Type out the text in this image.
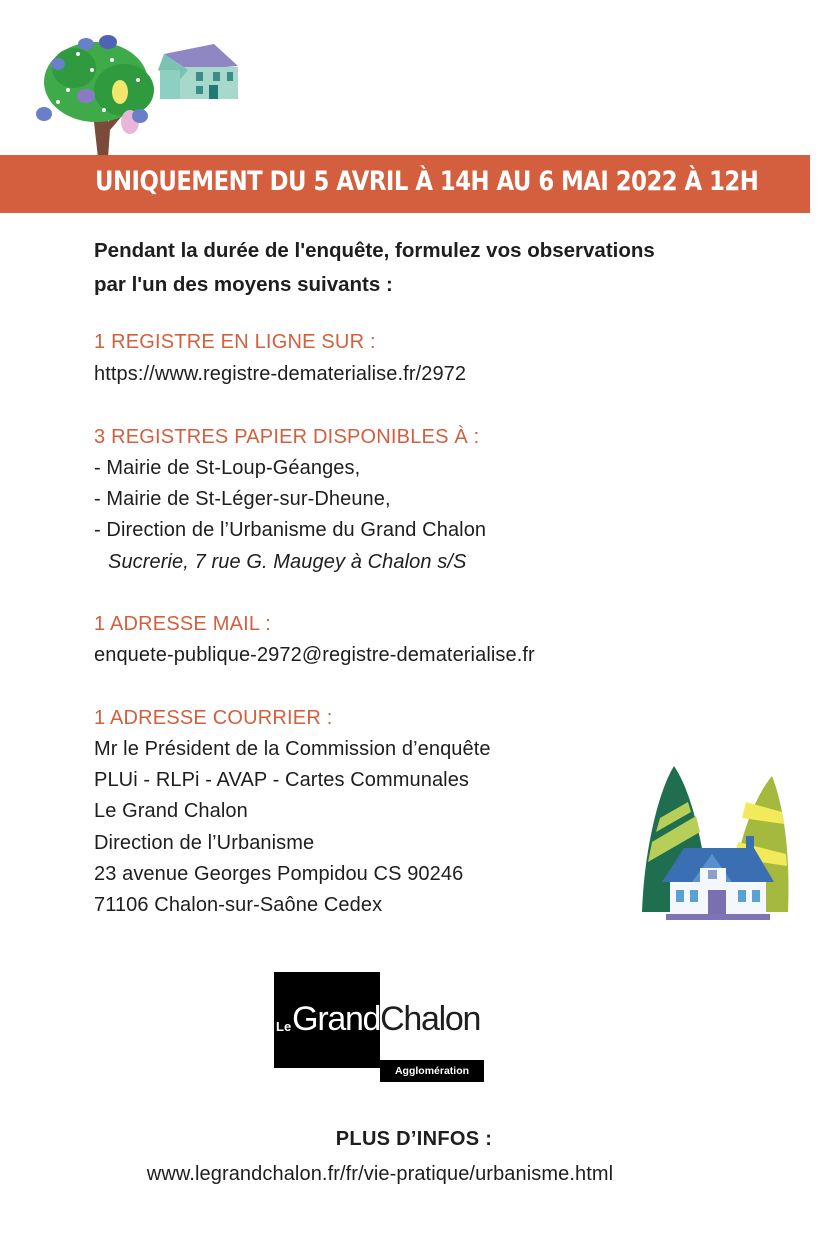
UNIQUEMENT DU 5 AVRIL À 14H AU 6 MAI 2022 À 12H

Pendant la durée de l'enquête, formulez vos observations
par l'un des moyens suivants :
1 REGISTRE EN LIGNE SUR :
https://www.registre-dematerialise.fr/2972
3 REGISTRES PAPIER DISPONIBLES À :
- Mairie de St-Loup-Géanges,
- Mairie de St-Léger-sur-Dheune,
- Direction de l’Urbanisme du Grand Chalon
Sucrerie, 7 rue G. Maugey à Chalon s/S
1 ADRESSE MAIL :
enquete-publique-2972@registre-dematerialise.fr
1 ADRESSE COURRIER :
Mr le Président de la Commission d’enquête
PLUi - RLPi - AVAP - Cartes Communales
Le Grand Chalon
Direction de l’Urbanisme
23 avenue Georges Pompidou CS 90246
71106 Chalon-sur-Saône Cedex
LeGrandChalon
Agglomération
PLUS D’INFOS :
www.legrandchalon.fr/fr/vie-pratique/urbanisme.html
